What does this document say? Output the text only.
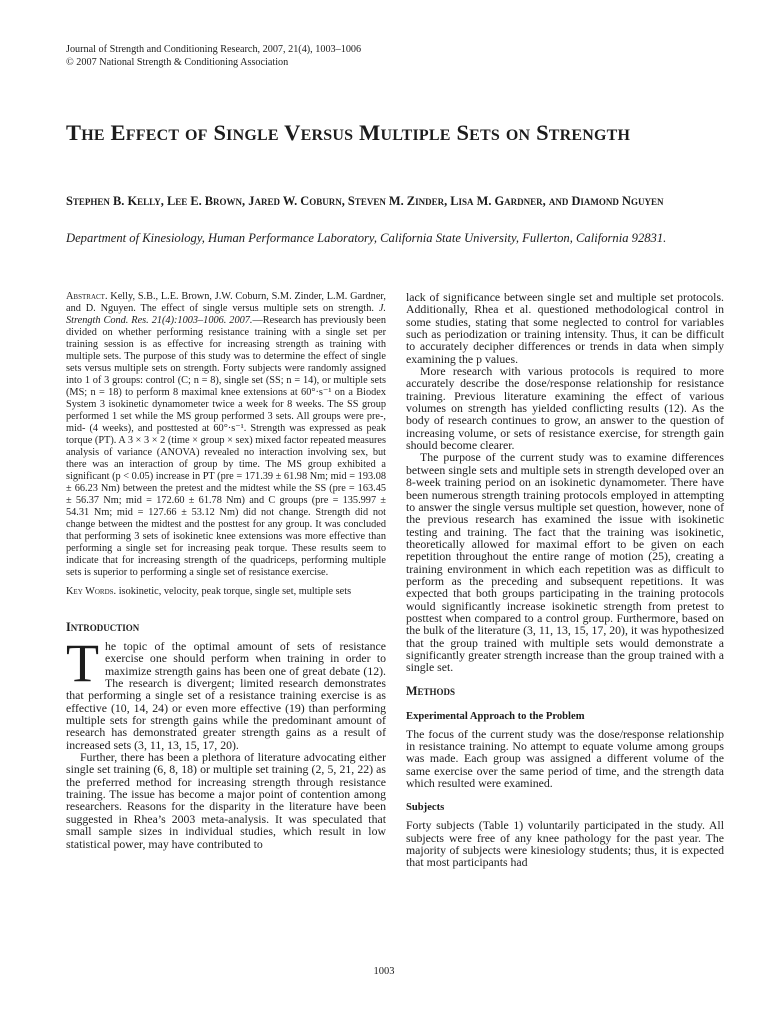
Journal of Strength and Conditioning Research, 2007, 21(4), 1003–1006
© 2007 National Strength & Conditioning Association
The Effect of Single Versus Multiple Sets on Strength
Stephen B. Kelly, Lee E. Brown, Jared W. Coburn, Steven M. Zinder, Lisa M. Gardner, and Diamond Nguyen
Department of Kinesiology, Human Performance Laboratory, California State University, Fullerton, California 92831.

Abstract. Kelly, S.B., L.E. Brown, J.W. Coburn, S.M. Zinder, L.M. Gardner, and D. Nguyen. The effect of single versus multiple sets on strength. J. Strength Cond. Res. 21(4):1003–1006. 2007.—Research has previously been divided on whether performing resistance training with a single set per training session is as effective for increasing strength as training with multiple sets. The purpose of this study was to determine the effect of single sets versus multiple sets on strength. Forty subjects were randomly assigned into 1 of 3 groups: control (C; n = 8), single set (SS; n = 14), or multiple sets (MS; n = 18) to perform 8 maximal knee extensions at 60°·s⁻¹ on a Biodex System 3 isokinetic dynamometer twice a week for 8 weeks. The SS group performed 1 set while the MS group performed 3 sets. All groups were pre-, mid- (4 weeks), and posttested at 60°·s⁻¹. Strength was expressed as peak torque (PT). A 3 × 3 × 2 (time × group × sex) mixed factor repeated measures analysis of variance (ANOVA) revealed no interaction involving sex, but there was an interaction of group by time. The MS group exhibited a significant (p < 0.05) increase in PT (pre = 171.39 ± 61.98 Nm; mid = 193.08 ± 66.23 Nm) between the pretest and the midtest while the SS (pre = 163.45 ± 56.37 Nm; mid = 172.60 ± 61.78 Nm) and C groups (pre = 135.997 ± 54.31 Nm; mid = 127.66 ± 53.12 Nm) did not change. Strength did not change between the midtest and the posttest for any group. It was concluded that performing 3 sets of isokinetic knee extensions was more effective than performing a single set for increasing peak torque. These results seem to indicate that for increasing strength of the quadriceps, performing multiple sets is superior to performing a single set of resistance exercise.

Key Words. isokinetic, velocity, peak torque, single set, multiple sets

Introduction

The topic of the optimal amount of sets of resistance exercise one should perform when training in order to maximize strength gains has been one of great debate (12). The research is divergent; limited research demonstrates that performing a single set of a resistance training exercise is as effective (10, 14, 24) or even more effective (19) than performing multiple sets for strength gains while the predominant amount of research has demonstrated greater strength gains as a result of increased sets (3, 11, 13, 15, 17, 20).

Further, there has been a plethora of literature advocating either single set training (6, 8, 18) or multiple set training (2, 5, 21, 22) as the preferred method for increasing strength through resistance training. The issue has become a major point of contention among researchers. Reasons for the disparity in the literature have been suggested in Rhea’s 2003 meta-analysis. It was speculated that small sample sizes in individual studies, which result in low statistical power, may have contributed to

lack of significance between single set and multiple set protocols. Additionally, Rhea et al. questioned methodological control in some studies, stating that some neglected to control for variables such as periodization or training intensity. Thus, it can be difficult to accurately decipher differences or trends in data when simply examining the p values.

More research with various protocols is required to more accurately describe the dose/response relationship for resistance training. Previous literature examining the effect of various volumes on strength has yielded conflicting results (12). As the body of research continues to grow, an answer to the question of increasing volume, or sets of resistance exercise, for strength gain should become clearer.

The purpose of the current study was to examine differences between single sets and multiple sets in strength developed over an 8-week training period on an isokinetic dynamometer. There have been numerous strength training protocols employed in attempting to answer the single versus multiple set question, however, none of the previous research has examined the issue with isokinetic testing and training. The fact that the training was isokinetic, theoretically allowed for maximal effort to be given on each repetition throughout the entire range of motion (25), creating a training environment in which each repetition was as difficult to perform as the preceding and subsequent repetitions. It was expected that both groups participating in the training protocols would significantly increase isokinetic strength from pretest to posttest when compared to a control group. Furthermore, based on the bulk of the literature (3, 11, 13, 15, 17, 20), it was hypothesized that the group trained with multiple sets would demonstrate a significantly greater strength increase than the group trained with a single set.

Methods
Experimental Approach to the Problem

The focus of the current study was the dose/response relationship in resistance training. No attempt to equate volume among groups was made. Each group was assigned a different volume of the same exercise over the same period of time, and the strength data which resulted were examined.

Subjects

Forty subjects (Table 1) voluntarily participated in the study. All subjects were free of any knee pathology for the past year. The majority of subjects were kinesiology students; thus, it is expected that most participants had

1003
